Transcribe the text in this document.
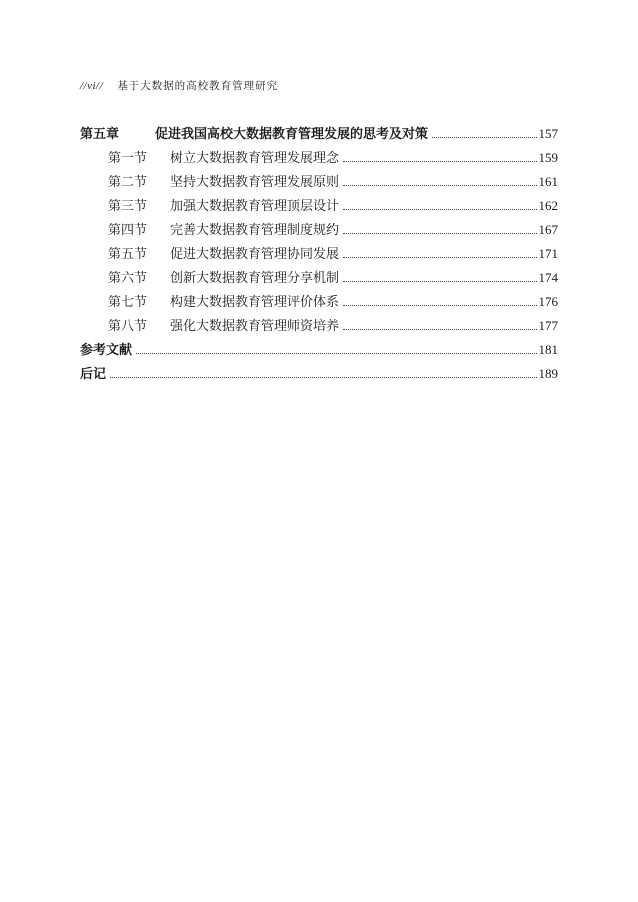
//vi// 基于大数据的高校教育管理研究
第五章	促进我国高校大数据教育管理发展的思考及对策	157
第一节 树立大数据教育管理发展理念	159
第二节 坚持大数据教育管理发展原则	161
第三节 加强大数据教育管理顶层设计	162
第四节 完善大数据教育管理制度规约	167
第五节 促进大数据教育管理协同发展	171
第六节 创新大数据教育管理分享机制	174
第七节 构建大数据教育管理评价体系	176
第八节 强化大数据教育管理师资培养	177
参考文献	181
后记	189
